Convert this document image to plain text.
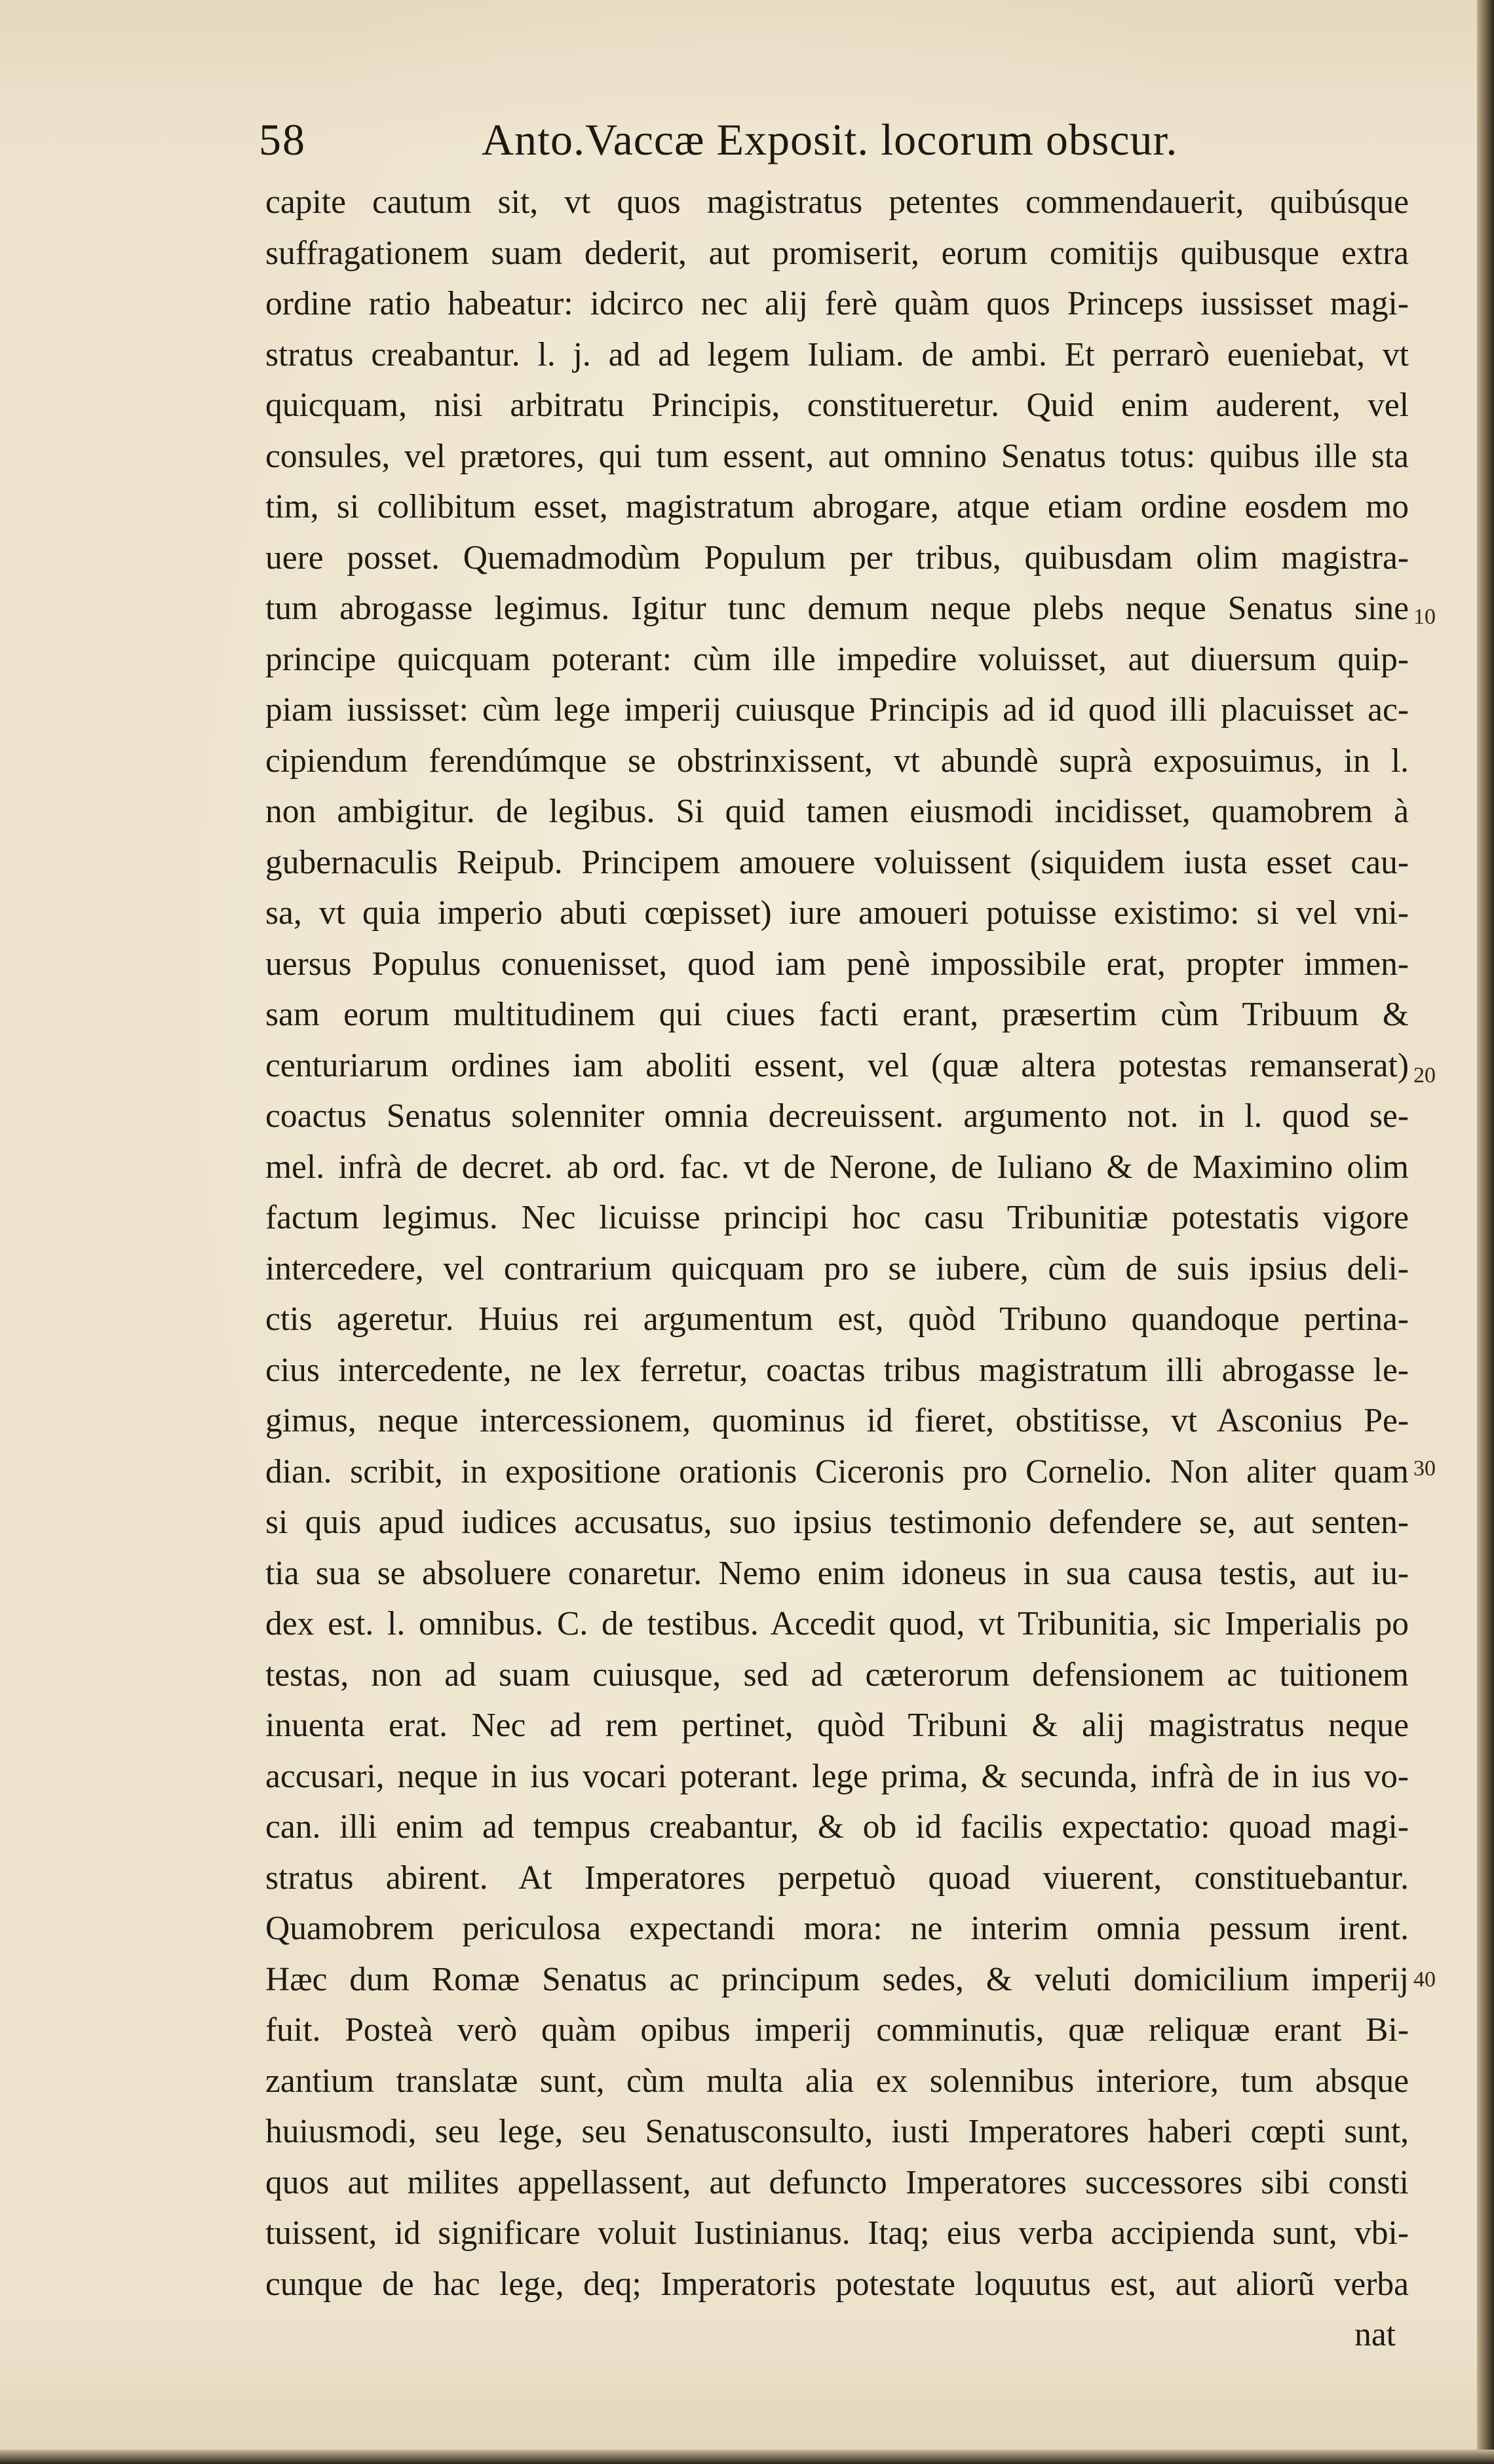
58	Anto.Vaccæ Exposit. locorum obscur.
capite cautum sit, vt quos magistratus petentes commendauerit, quibúsque
suffragationem suam dederit, aut promiserit, eorum comitijs quibusque extra
ordine ratio habeatur: idcirco nec alij ferè quàm quos Princeps iussisset magi-
stratus creabantur. l. j. ad ad legem Iuliam. de ambi. Et perrarò eueniebat, vt
quicquam, nisi arbitratu Principis, constitueretur. Quid enim auderent, vel
consules, vel prætores, qui tum essent, aut omnino Senatus totus: quibus ille sta
tim, si collibitum esset, magistratum abrogare, atque etiam ordine eosdem mo
uere posset. Quemadmodùm Populum per tribus, quibusdam olim magistra-
tum abrogasse legimus. Igitur tunc demum neque plebs neque Senatus sine
principe quicquam poterant: cùm ille impedire voluisset, aut diuersum quip-
piam iussisset: cùm lege imperij cuiusque Principis ad id quod illi placuisset ac-
cipiendum ferendúmque se obstrinxissent, vt abundè suprà exposuimus, in l.
non ambigitur. de legibus. Si quid tamen eiusmodi incidisset, quamobrem à
gubernaculis Reipub. Principem amouere voluissent (siquidem iusta esset cau-
sa, vt quia imperio abuti cœpisset) iure amoueri potuisse existimo: si vel vni-
uersus Populus conuenisset, quod iam penè impossibile erat, propter immen-
sam eorum multitudinem qui ciues facti erant, præsertim cùm Tribuum &
centuriarum ordines iam aboliti essent, vel (quæ altera potestas remanserat)
coactus Senatus solenniter omnia decreuissent. argumento not. in l. quod se-
mel. infrà de decret. ab ord. fac. vt de Nerone, de Iuliano & de Maximino olim
factum legimus. Nec licuisse principi hoc casu Tribunitiæ potestatis vigore
intercedere, vel contrarium quicquam pro se iubere, cùm de suis ipsius deli-
ctis ageretur. Huius rei argumentum est, quòd Tribuno quandoque pertina-
cius intercedente, ne lex ferretur, coactas tribus magistratum illi abrogasse le-
gimus, neque intercessionem, quominus id fieret, obstitisse, vt Asconius Pe-
dian. scribit, in expositione orationis Ciceronis pro Cornelio. Non aliter quam
si quis apud iudices accusatus, suo ipsius testimonio defendere se, aut senten-
tia sua se absoluere conaretur. Nemo enim idoneus in sua causa testis, aut iu-
dex est. l. omnibus. C. de testibus. Accedit quod, vt Tribunitia, sic Imperialis po
testas, non ad suam cuiusque, sed ad cæterorum defensionem ac tuitionem
inuenta erat. Nec ad rem pertinet, quòd Tribuni & alij magistratus neque
accusari, neque in ius vocari poterant. lege prima, & secunda, infrà de in ius vo-
can. illi enim ad tempus creabantur, & ob id facilis expectatio: quoad magi-
stratus abirent. At Imperatores perpetuò quoad viuerent, constituebantur.
Quamobrem periculosa expectandi mora: ne interim omnia pessum irent.
Hæc dum Romæ Senatus ac principum sedes, & veluti domicilium imperij
fuit. Posteà verò quàm opibus imperij comminutis, quæ reliquæ erant Bi-
zantium translatæ sunt, cùm multa alia ex solennibus interiore, tum absque
huiusmodi, seu lege, seu Senatusconsulto, iusti Imperatores haberi cœpti sunt,
quos aut milites appellassent, aut defuncto Imperatores successores sibi consti
tuissent, id significare voluit Iustinianus. Itaq; eius verba accipienda sunt, vbi-
cunque de hac lege, deq; Imperatoris potestate loquutus est, aut aliorũ verba
nat
10
20
30
40
